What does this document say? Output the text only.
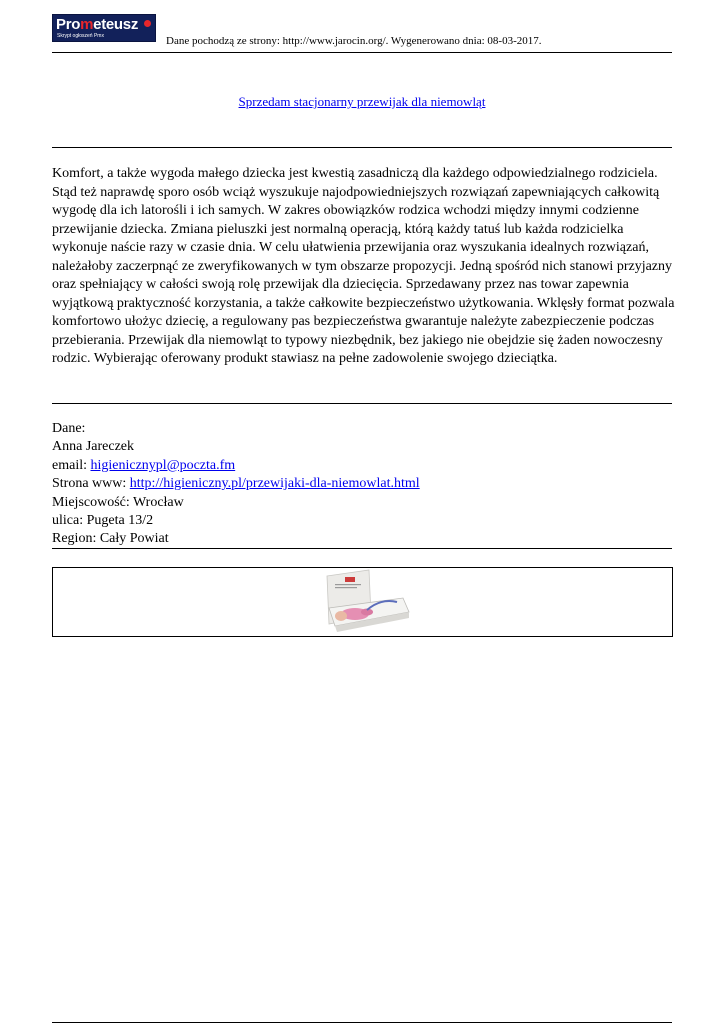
Prometeusz
Skrypt ogłoszeń Pmx	Dane pochodzą ze strony: http://www.jarocin.org/. Wygenerowano dnia: 08-03-2017.
Sprzedam stacjonarny przewijak dla niemowląt

Komfort, a także wygoda małego dziecka jest kwestią zasadniczą dla każdego odpowiedzialnego rodziciela. Stąd też naprawdę sporo osób wciąż wyszukuje najodpowiedniejszych rozwiązań zapewniających całkowitą wygodę dla ich latorośli i ich samych. W zakres obowiązków rodzica wchodzi między innymi codzienne przewijanie dziecka. Zmiana pieluszki jest normalną operacją, którą każdy tatuś lub każda rodzicielka wykonuje naście razy w czasie dnia. W celu ułatwienia przewijania oraz wyszukania idealnych rozwiązań, należałoby zaczerpnąć ze zweryfikowanych w tym obszarze propozycji. Jedną spośród nich stanowi przyjazny oraz spełniający w całości swoją rolę przewijak dla dziecięcia. Sprzedawany przez nas towar zapewnia wyjątkową praktyczność korzystania, a także całkowite bezpieczeństwo użytkowania. Wklęsły format pozwala komfortowo ułożyc dziecię, a regulowany pas bezpieczeństwa gwarantuje należyte zabezpieczenie podczas przebierania. Przewijak dla niemowląt to typowy niezbędnik, bez jakiego nie obejdzie się żaden nowoczesny rodzic. Wybierając oferowany produkt stawiasz na pełne zadowolenie swojego dzieciątka.

Dane:
Anna Jareczek
email: higienicznypl@poczta.fm
Strona www: http://higieniczny.pl/przewijaki-dla-niemowlat.html
Miejscowość: Wrocław
ulica: Pugeta 13/2
Region: Cały Powiat
